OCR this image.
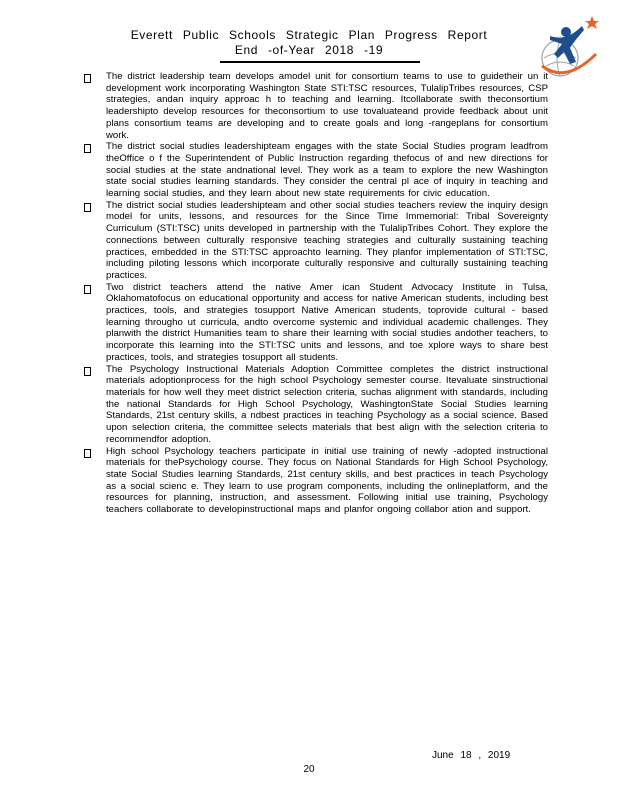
Everett Public Schools Strategic Plan Progress Report
End -of-Year 2018 -19
The district leadership team develops amodel unit for consortium teams to use to guidetheir un it development work incorporating Washington State STI:TSC resources, TulalipTribes resources, CSP strategies, andan inquiry approac h to teaching and learning. Itcollaborate swith theconsortium leadershipto develop resources for theconsortium to use tovaluateand provide feedback about unit plans consortium teams are developing and to create goals and long -rangeplans for consortium work.
The district social studies leadershipteam engages with the state Social Studies program leadfrom theOffice o f the Superintendent of Public Instruction regarding thefocus of and new directions for social studies at the state andnational level. They work as a team to explore the new Washington state social studies learning standards. They consider the central pl ace of inquiry in teaching and learning social studies, and they learn about new state requirements for civic education.
The district social studies leadershipteam and other social studies teachers review the inquiry design model for units, lessons, and resources for the Since Time Immemorial: Tribal Sovereignty Curriculum (STI:TSC) units developed in partnership with the TulalipTribes Cohort. They explore the connections between culturally responsive teaching strategies and culturally sustaining teaching practices, embedded in the STI:TSC approachto learning. They planfor implementation of STI:TSC, including piloting lessons which incorporate culturally responsive and culturally sustaining teaching practices.
Two district teachers attend the native Amer ican Student Advocacy Institute in Tulsa, Oklahomatofocus on educational opportunity and access for native American students, including best practices, tools, and strategies tosupport Native American students, toprovide cultural - based learning througho ut curricula, andto overcome systemic and individual academic challenges. They planwith the district Humanities team to share their learning with social studies andother teachers, to incorporate this learning into the STI:TSC units and lessons, and toe xplore ways to share best practices, tools, and strategies tosupport all students.
The Psychology Instructional Materials Adoption Committee completes the district instructional materials adoptionprocess for the high school Psychology semester course. Itevaluate sinstructional materials for how well they meet district selection criteria, suchas alignment with standards, including the national Standards for High School Psychology, WashingtonState Social Studies learning Standards, 21st century skills, a ndbest practices in teaching Psychology as a social science. Based upon selection criteria, the committee selects materials that best align with the selection criteria to recommendfor adoption.
High school Psychology teachers participate in initial use training of newly -adopted instructional materials for thePsychology course. They focus on National Standards for High School Psychology, state Social Studies learning Standards, 21st century skills, and best practices in teach Psychology as a social scienc e. They learn to use program components, including the onlineplatform, and the resources for planning, instruction, and assessment. Following initial use training, Psychology teachers collaborate to developinstructional maps and planfor ongoing collabor ation and support.
June 18 , 2019
20
